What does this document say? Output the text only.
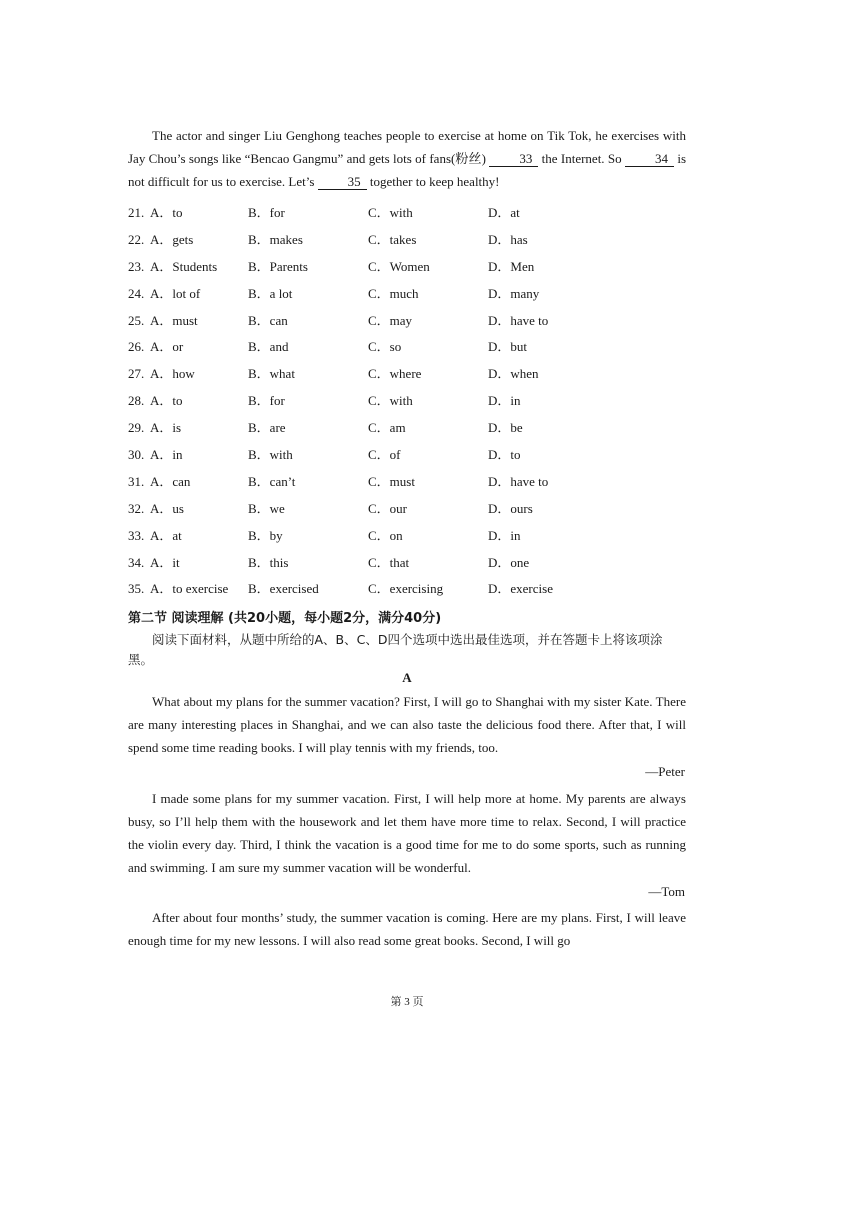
The actor and singer Liu Genghong teaches people to exercise at home on Tik Tok, he exercises with Jay Chou’s songs like “Bencao Gangmu” and gets lots of fans(粉丝) 33 the Internet. So 34 is not difficult for us to exercise. Let’s 35 together to keep healthy!

21. A．to	B．for	C．with	D．at
22. A．gets	B．makes	C．takes	D．has
23. A．Students B．Parents	C．Women	D．Men
24. A．lot of	B．a lot	C．much	D．many
25. A．must	B．can	C．may	D．have to
26. A．or	B．and	C．so	D．but
27. A．how	B．what	C．where	D．when
28. A．to	B．for	C．with	D．in
29. A．is	B．are	C．am	D．be
30. A．in	B．with	C．of	D．to
31. A．can	B．can’t	C．must	D．have to
32. A．us	B．we	C．our	D．ours
33. A．at	B．by	C．on	D．in
34. A．it	B．this	C．that	D．one
35. A．to exercise B．exercised	C．exercising	D．exercise
第二节 阅读理解 (共20小题，每小题2分，满分40分)
阅读下面材料，从题中所给的A、B、C、D四个选项中选出最佳选项，并在答题卡上将该项涂黑。
A

What about my plans for the summer vacation? First, I will go to Shanghai with my sister Kate. There are many interesting places in Shanghai, and we can also taste the delicious food there. After that, I will spend some time reading books. I will play tennis with my friends, too.

—Peter

I made some plans for my summer vacation. First, I will help more at home. My parents are always busy, so I’ll help them with the housework and let them have more time to relax. Second, I will practice the violin every day. Third, I think the vacation is a good time for me to do some sports, such as running and swimming. I am sure my summer vacation will be wonderful.

—Tom

After about four months’ study, the summer vacation is coming. Here are my plans. First, I will leave enough time for my new lessons. I will also read some great books. Second, I will go

第 3 页
